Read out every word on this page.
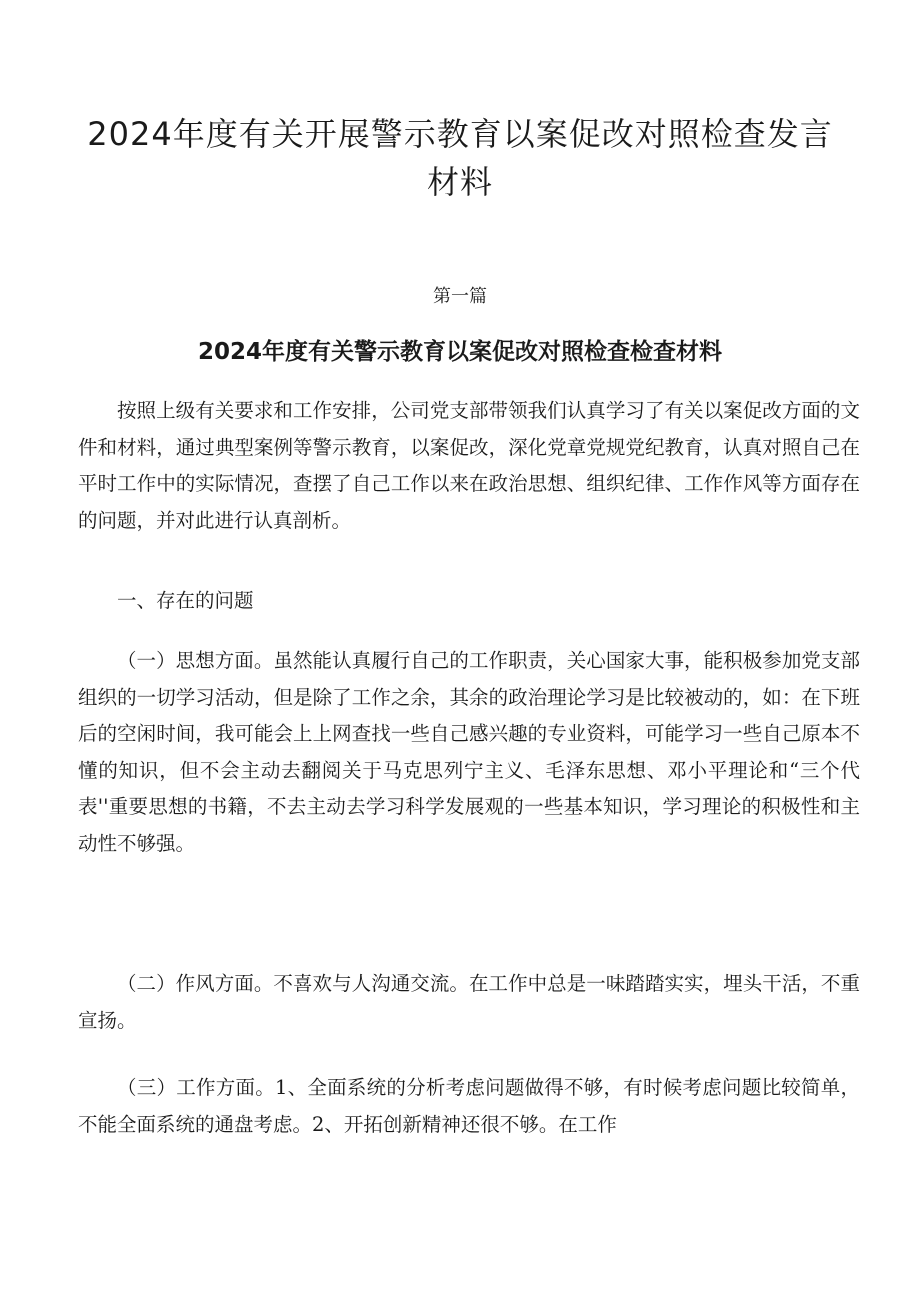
2024年度有关开展警示教育以案促改对照检查发言材料
第一篇
2024年度有关警示教育以案促改对照检查检查材料

按照上级有关要求和工作安排，公司党支部带领我们认真学习了有关以案促改方面的文件和材料，通过典型案例等警示教育，以案促改，深化党章党规党纪教育，认真对照自己在平时工作中的实际情况，查摆了自己工作以来在政治思想、组织纪律、工作作风等方面存在的问题，并对此进行认真剖析。

一、存在的问题

（一）思想方面。虽然能认真履行自己的工作职责，关心国家大事，能积极参加党支部组织的一切学习活动，但是除了工作之余，其余的政治理论学习是比较被动的，如：在下班后的空闲时间，我可能会上上网查找一些自己感兴趣的专业资料，可能学习一些自己原本不懂的知识，但不会主动去翻阅关于马克思列宁主义、毛泽东思想、邓小平理论和“三个代表''重要思想的书籍，不去主动去学习科学发展观的一些基本知识，学习理论的积极性和主动性不够强。

（二）作风方面。不喜欢与人沟通交流。在工作中总是一味踏踏实实，埋头干活，不重宣扬。

（三）工作方面。1、全面系统的分析考虑问题做得不够，有时候考虑问题比较简单，不能全面系统的通盘考虑。2、开拓创新精神还很不够。在工作
